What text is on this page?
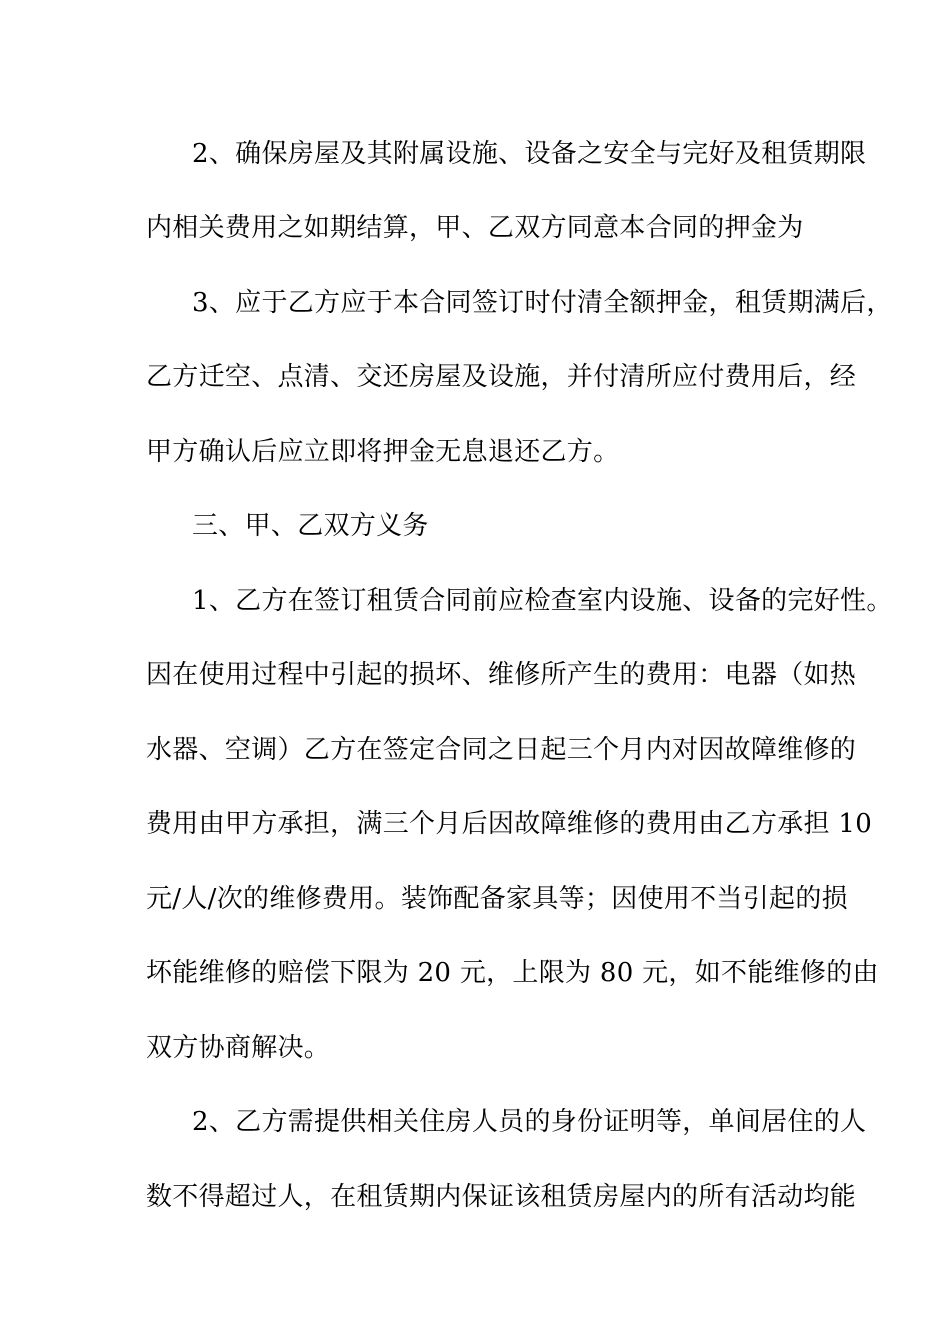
2、确保房屋及其附属设施、设备之安全与完好及租赁期限
内相关费用之如期结算，甲、乙双方同意本合同的押金为
3、应于乙方应于本合同签订时付清全额押金，租赁期满后，
乙方迁空、点清、交还房屋及设施，并付清所应付费用后，经
甲方确认后应立即将押金无息退还乙方。
三、甲、乙双方义务
1、乙方在签订租赁合同前应检查室内设施、设备的完好性。
因在使用过程中引起的损坏、维修所产生的费用：电器（如热
水器、空调）乙方在签定合同之日起三个月内对因故障维修的
费用由甲方承担，满三个月后因故障维修的费用由乙方承担 10
元/人/次的维修费用。装饰配备家具等；因使用不当引起的损
坏能维修的赔偿下限为 20 元，上限为 80 元，如不能维修的由
双方协商解决。
2、乙方需提供相关住房人员的身份证明等，单间居住的人
数不得超过人，在租赁期内保证该租赁房屋内的所有活动均能
